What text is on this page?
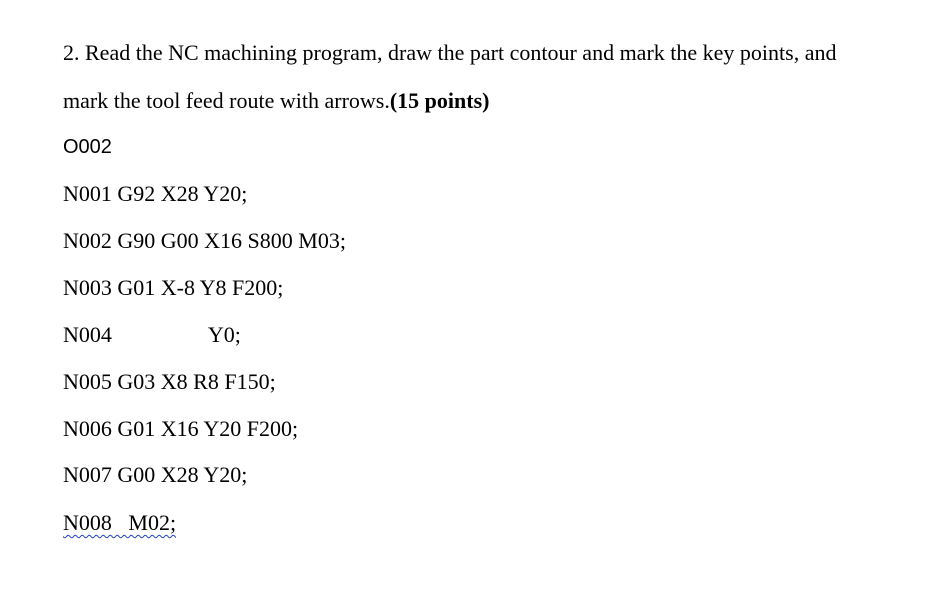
2. Read the NC machining program, draw the part contour and mark the key points, and
mark the tool feed route with arrows.(15 points)
O002
N001 G92 X28 Y20;
N002 G90 G00 X16 S800 M03;
N003 G01 X-8 Y8 F200;
N004	Y0;
N005 G03 X8 R8 F150;
N006 G01 X16 Y20 F200;
N007 G00 X28 Y20;
N008   M02;
